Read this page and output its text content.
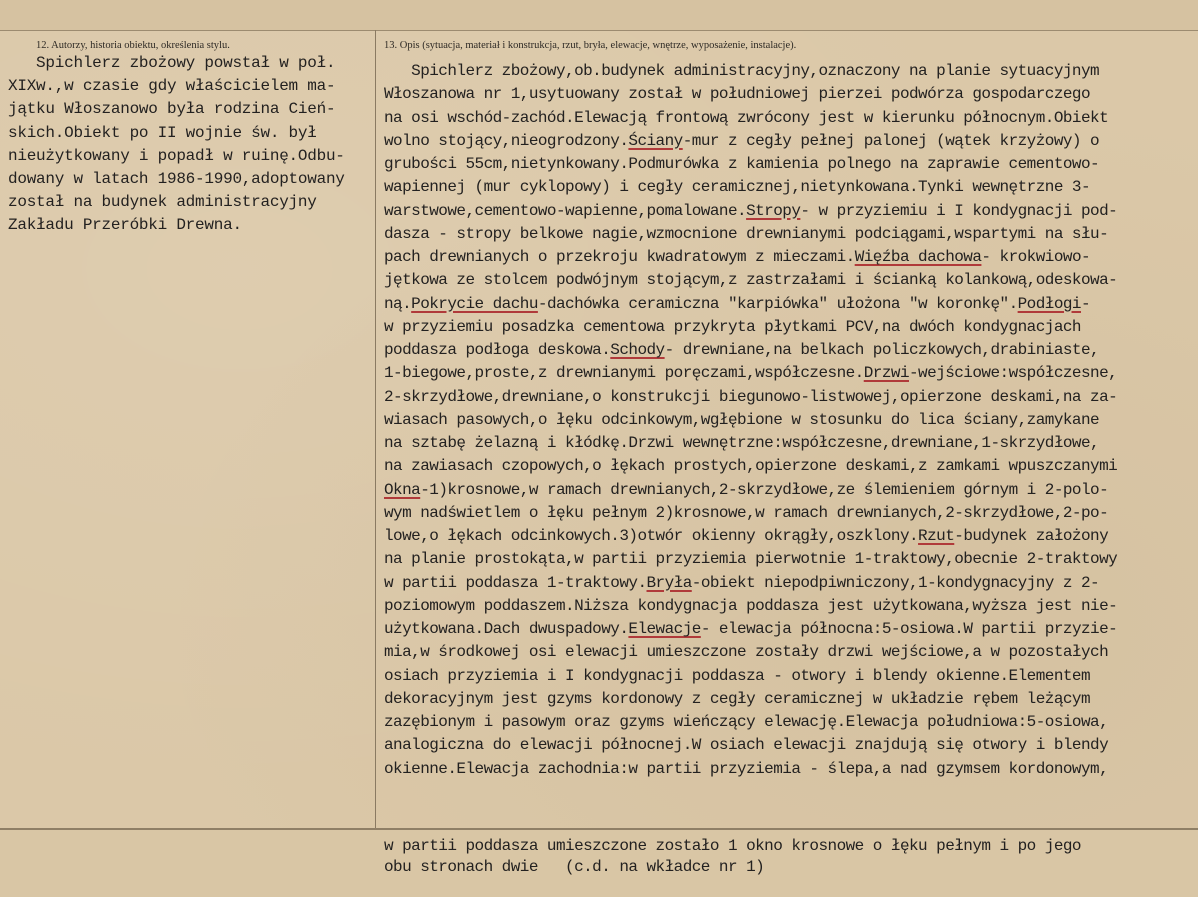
12. Autorzy, historia obiektu, określenia stylu.	13. Opis (sytuacja, materiał i konstrukcja, rzut, bryła, elewacje, wnętrze, wyposażenie, instalacje).
Spichlerz zbożowy powstał w poł.
XIXw.,w czasie gdy właścicielem ma-
jątku Włoszanowo była rodzina Cień-
skich.Obiekt po II wojnie św. był
nieużytkowany i popadł w ruinę.Odbu-
dowany w latach 1986-1990,adoptowany
został na budynek administracyjny
Zakładu Przeróbki Drewna.
Spichlerz zbożowy,ob.budynek administracyjny,oznaczony na planie sytuacyjnym
Włoszanowa nr 1,usytuowany został w południowej pierzei podwórza gospodarczego
na osi wschód-zachód.Elewacją frontową zwrócony jest w kierunku północnym.Obiekt
wolno stojący,nieogrodzony.Ściany-mur z cegły pełnej palonej (wątek krzyżowy) o
grubości 55cm,nietynkowany.Podmurówka z kamienia polnego na zaprawie cementowo-
wapiennej (mur cyklopowy) i cegły ceramicznej,nietynkowana.Tynki wewnętrzne 3-
warstwowe,cementowo-wapienne,pomalowane.Stropy- w przyziemiu i I kondygnacji pod-
dasza - stropy belkowe nagie,wzmocnione drewnianymi podciągami,wspartymi na słu-
pach drewnianych o przekroju kwadratowym z mieczami.Więźba dachowa- krokwiowo-
jętkowa ze stolcem podwójnym stojącym,z zastrzałami i ścianką kolankową,odeskowa-
ną.Pokrycie dachu-dachówka ceramiczna "karpiówka" ułożona "w koronkę".Podłogi-
w przyziemiu posadzka cementowa przykryta płytkami PCV,na dwóch kondygnacjach
poddasza podłoga deskowa.Schody- drewniane,na belkach policzkowych,drabiniaste,
1-biegowe,proste,z drewnianymi poręczami,współczesne.Drzwi-wejściowe:współczesne,
2-skrzydłowe,drewniane,o konstrukcji biegunowo-listwowej,opierzone deskami,na za-
wiasach pasowych,o łęku odcinkowym,wgłębione w stosunku do lica ściany,zamykane
na sztabę żelazną i kłódkę.Drzwi wewnętrzne:współczesne,drewniane,1-skrzydłowe,
na zawiasach czopowych,o łękach prostych,opierzone deskami,z zamkami wpuszczanymi
Okna-1)krosnowe,w ramach drewnianych,2-skrzydłowe,ze ślemieniem górnym i 2-polo-
wym nadświetlem o łęku pełnym 2)krosnowe,w ramach drewnianych,2-skrzydłowe,2-po-
lowe,o łękach odcinkowych.3)otwór okienny okrągły,oszklony.Rzut-budynek założony
na planie prostokąta,w partii przyziemia pierwotnie 1-traktowy,obecnie 2-traktowy
w partii poddasza 1-traktowy.Bryła-obiekt niepodpiwniczony,1-kondygnacyjny z 2-
poziomowym poddaszem.Niższa kondygnacja poddasza jest użytkowana,wyższa jest nie-
użytkowana.Dach dwuspadowy.Elewacje- elewacja północna:5-osiowa.W partii przyzie-
mia,w środkowej osi elewacji umieszczone zostały drzwi wejściowe,a w pozostałych
osiach przyziemia i I kondygnacji poddasza - otwory i blendy okienne.Elementem
dekoracyjnym jest gzyms kordonowy z cegły ceramicznej w układzie rębem leżącym
zazębionym i pasowym oraz gzyms wieńczący elewację.Elewacja południowa:5-osiowa,
analogiczna do elewacji północnej.W osiach elewacji znajdują się otwory i blendy
okienne.Elewacja zachodnia:w partii przyziemia - ślepa,a nad gzymsem kordonowym,
w partii poddasza umieszczone zostało 1 okno krosnowe o łęku pełnym i po jego
obu stronach dwie   (c.d. na wkładce nr 1)
